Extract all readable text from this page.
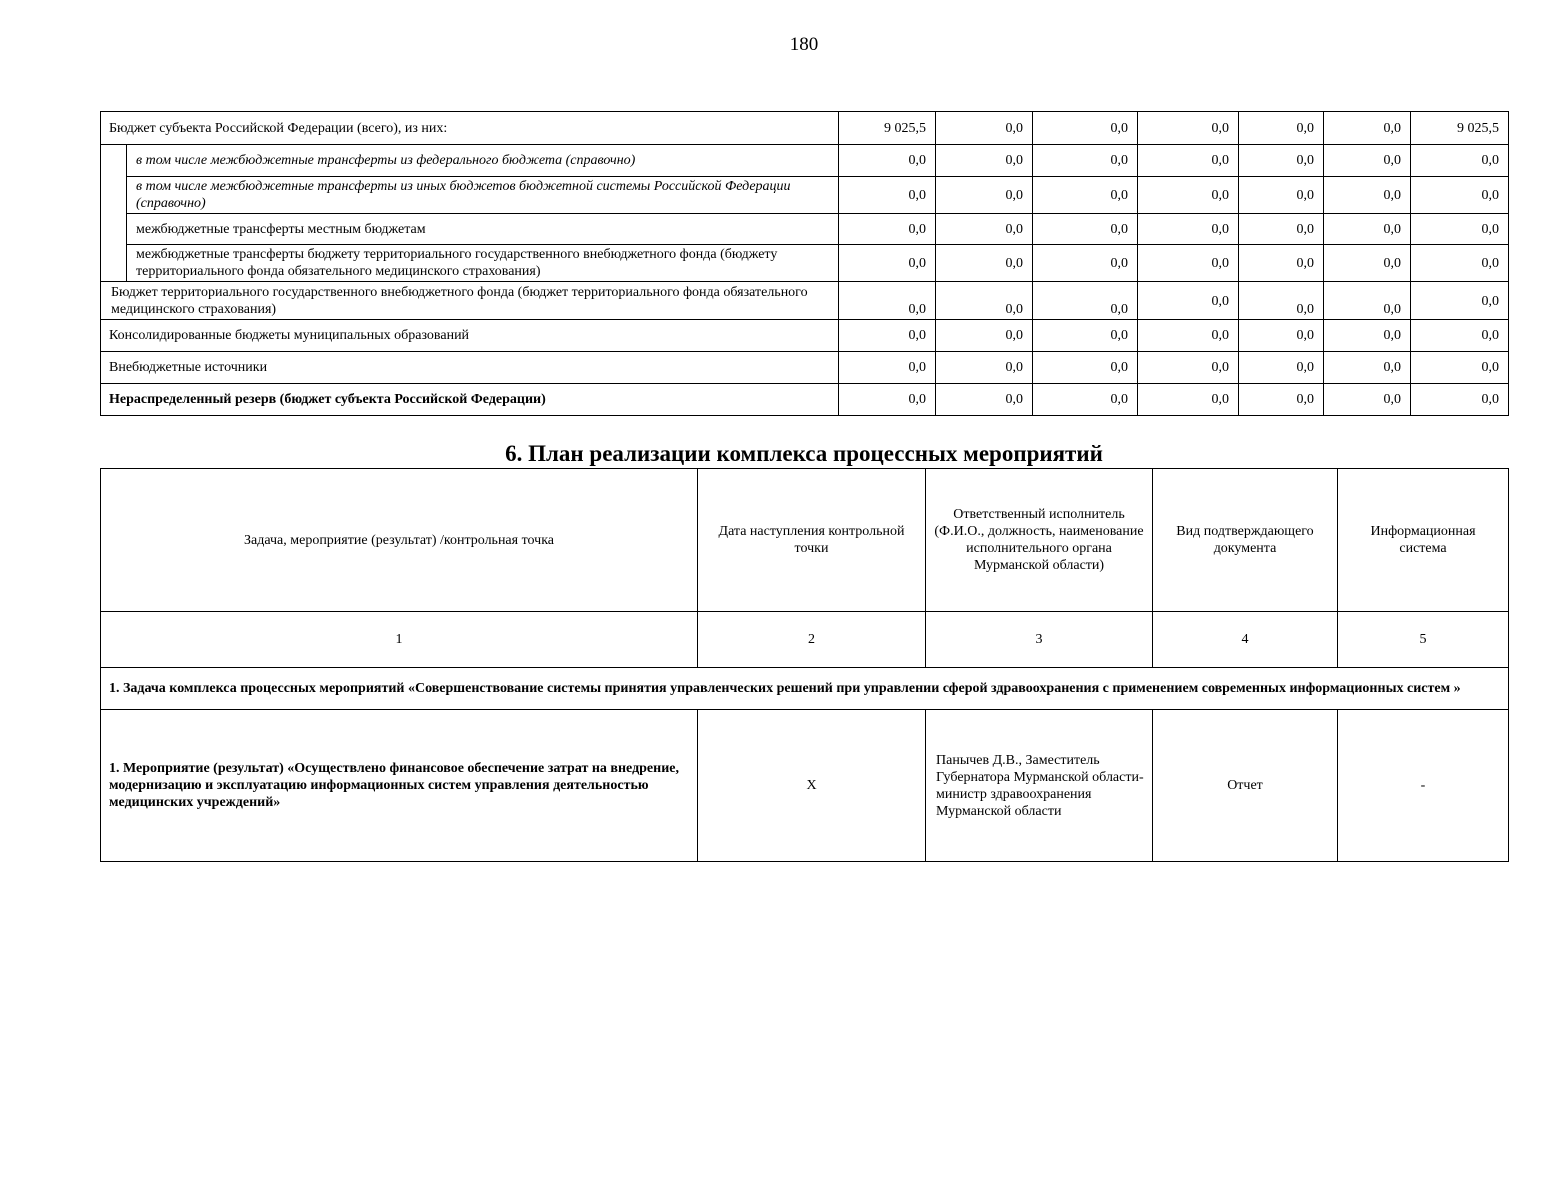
180
Бюджет субъекта Российской Федерации (всего), из них:		9 025,5	0,0	0,0	0,0	0,0	0,0	9 025,5
	в том числе межбюджетные трансферты из федерального бюджета (справочно)	0,0	0,0	0,0	0,0	0,0	0,0	0,0
	в том числе межбюджетные трансферты из иных бюджетов бюджетной системы Российской Федерации (справочно)	0,0	0,0	0,0	0,0	0,0	0,0	0,0
	межбюджетные трансферты местным бюджетам	0,0	0,0	0,0	0,0	0,0	0,0	0,0
	межбюджетные трансферты бюджету территориального государственного внебюджетного фонда (бюджету территориального фонда обязательного медицинского страхования)	0,0	0,0	0,0	0,0	0,0	0,0	0,0
Бюджет территориального государственного внебюджетного фонда (бюджет территориального фонда обязательного медицинского страхования)		0,0	0,0	0,0	0,0	0,0	0,0	0,0
Консолидированные бюджеты муниципальных образований		0,0	0,0	0,0	0,0	0,0	0,0	0,0
Внебюджетные источники		0,0	0,0	0,0	0,0	0,0	0,0	0,0
Нераспределенный резерв (бюджет субъекта Российской Федерации)		0,0	0,0	0,0	0,0	0,0	0,0	0,0
6. План реализации комплекса процессных мероприятий
Задача, мероприятие (результат) /контрольная точка	Дата наступления контрольной точки	Ответственный исполнитель (Ф.И.О., должность, наименование исполнительного органа Мурманской области)	Вид подтверждающего документа	Информационная система
1	2	3	4	5
1. Задача комплекса процессных мероприятий «Совершенствование системы принятия управленческих решений при управлении сферой здравоохранения с применением современных информационных систем »				
1. Мероприятие (результат) «Осуществлено финансовое обеспечение затрат на внедрение, модернизацию и эксплуатацию информационных систем управления деятельностью медицинских учреждений»	X	Панычев Д.В., Заместитель Губернатора Мурманской области-министр здравоохранения Мурманской области	Отчет	-
